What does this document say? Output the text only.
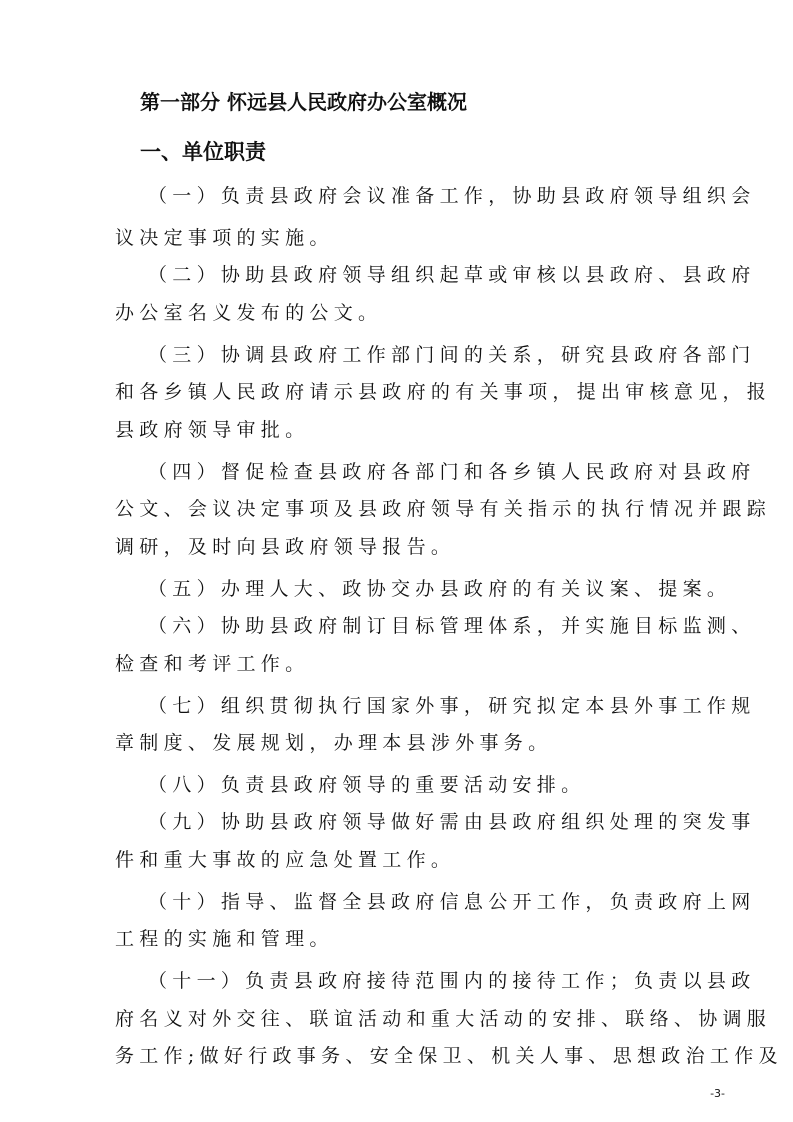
第一部分 怀远县人民政府办公室概况
一、单位职责
（一）负责县政府会议准备工作，协助县政府领导组织会
议决定事项的实施。
（二）协助县政府领导组织起草或审核以县政府、县政府
办公室名义发布的公文。
（三）协调县政府工作部门间的关系，研究县政府各部门
和各乡镇人民政府请示县政府的有关事项，提出审核意见，报
县政府领导审批。
（四）督促检查县政府各部门和各乡镇人民政府对县政府
公文、会议决定事项及县政府领导有关指示的执行情况并跟踪
调研，及时向县政府领导报告。
（五）办理人大、政协交办县政府的有关议案、提案。
（六）协助县政府制订目标管理体系，并实施目标监测、
检查和考评工作。
（七）组织贯彻执行国家外事，研究拟定本县外事工作规
章制度、发展规划，办理本县涉外事务。
（八）负责县政府领导的重要活动安排。
（九）协助县政府领导做好需由县政府组织处理的突发事
件和重大事故的应急处置工作。
（十）指导、监督全县政府信息公开工作，负责政府上网
工程的实施和管理。
（十一）负责县政府接待范围内的接待工作；负责以县政
府名义对外交往、联谊活动和重大活动的安排、联络、协调服
务工作;做好行政事务、安全保卫、机关人事、思想政治工作及
-3-
